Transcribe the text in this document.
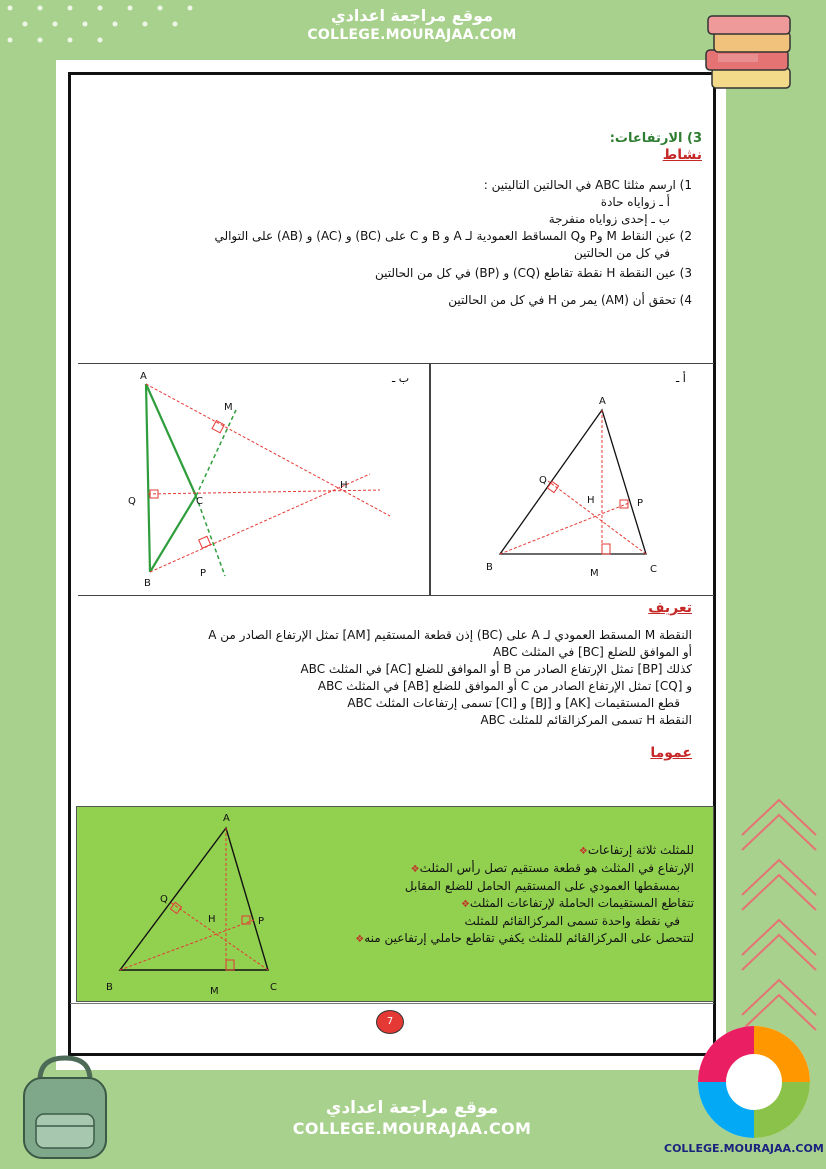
موقع مراجعة اعدادي
COLLEGE.MOURAJAA.COM
3) الارتفاعات:
نشاط
1) ارسم مثلثا ABC في الحالتين التاليتين :
أ ـ زواياه حادة
ب ـ إحدى زواياه منفرجة
2) عين النقاط M وP وQ المساقط العمودية لـ A و B و C على (BC) و (AC) و (AB) على التوالي
في كل من الحالتين
3) عين النقطة H نقطة تقاطع (CQ) و (BP) في كل من الحالتين
4) تحقق أن (AM) يمر من H في كل من الحالتين
أ ـ
A
B	C
H
M
P
Q
ب ـ
A
B
C
H
M
P
Q
تعريف
النقطة M المسقط العمودي لـ A على (BC) إذن قطعة المستقيم [AM] تمثل الإرتفاع الصادر من A
أو الموافق للضلع [BC] في المثلث ABC
كذلك [BP] تمثل الإرتفاع الصادر من B أو الموافق للضلع [AC] في المثلث ABC
و [CQ] تمثل الإرتفاع الصادر من C أو الموافق للضلع [AB] في المثلث ABC
قطع المستقيمات [AK] و [BJ] و [CI] تسمى إرتفاعات المثلث ABC
النقطة H تسمى المركزالقائم للمثلث ABC
عموما
A
B	C
H
M
P
Q
للمثلث ثلاثة إرتفاعات❖
الإرتفاع في المثلث هو قطعة مستقيم تصل رأس المثلث❖
بمسقطها العمودي على المستقيم الحامل للضلع المقابل
تتقاطع المستقيمات الحاملة لإرتفاعات المثلث❖
في نقطة واحدة تسمى المركزالقائم للمثلث
لتتحصل على المركزالقائم للمثلث يكفي تقاطع حاملي إرتفاعين منه❖
7
COLLEGE.MOURAJAA.COM
موقع مراجعة اعدادي
COLLEGE.MOURAJAA.COM
